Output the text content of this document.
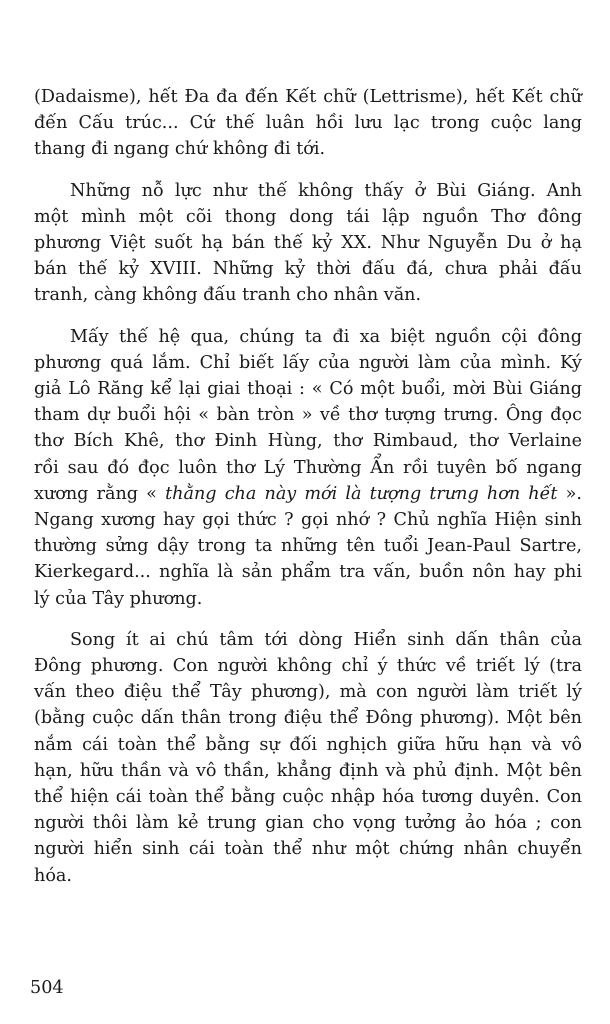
(Dadaisme), hết Đa đa đến Kết chữ (Lettrisme), hết Kết chữ
đến Cấu trúc... Cứ thế luân hồi lưu lạc trong cuộc lang
thang đi ngang chứ không đi tới.

Những nỗ lực như thế không thấy ở Bùi Giáng. Anh
một mình một cõi thong dong tái lập nguồn Thơ đông
phương Việt suốt hạ bán thế kỷ XX. Như Nguyễn Du ở hạ
bán thế kỷ XVIII. Những kỷ thời đấu đá, chưa phải đấu
tranh, càng không đấu tranh cho nhân văn.

Mấy thế hệ qua, chúng ta đi xa biệt nguồn cội đông
phương quá lắm. Chỉ biết lấy của người làm của mình. Ký
giả Lô Răng kể lại giai thoại : « Có một buổi, mời Bùi Giáng
tham dự buổi hội « bàn tròn » về thơ tượng trưng. Ông đọc
thơ Bích Khê, thơ Đinh Hùng, thơ Rimbaud, thơ Verlaine
rồi sau đó đọc luôn thơ Lý Thường Ẩn rồi tuyên bố ngang
xương rằng « thằng cha này mới là tượng trưng hơn hết ».
Ngang xương hay gọi thức ? gọi nhớ ? Chủ nghĩa Hiện sinh
thường sửng dậy trong ta những tên tuổi Jean-Paul Sartre,
Kierkegard... nghĩa là sản phẩm tra vấn, buồn nôn hay phi
lý của Tây phương.

Song ít ai chú tâm tới dòng Hiển sinh dấn thân của
Đông phương. Con người không chỉ ý thức về triết lý (tra
vấn theo điệu thể Tây phương), mà con người làm triết lý
(bằng cuộc dấn thân trong điệu thể Đông phương). Một bên
nắm cái toàn thể bằng sự đối nghịch giữa hữu hạn và vô
hạn, hữu thần và vô thần, khẳng định và phủ định. Một bên
thể hiện cái toàn thể bằng cuộc nhập hóa tương duyên. Con
người thôi làm kẻ trung gian cho vọng tưởng ảo hóa ; con
người hiển sinh cái toàn thể như một chứng nhân chuyển
hóa.

504
